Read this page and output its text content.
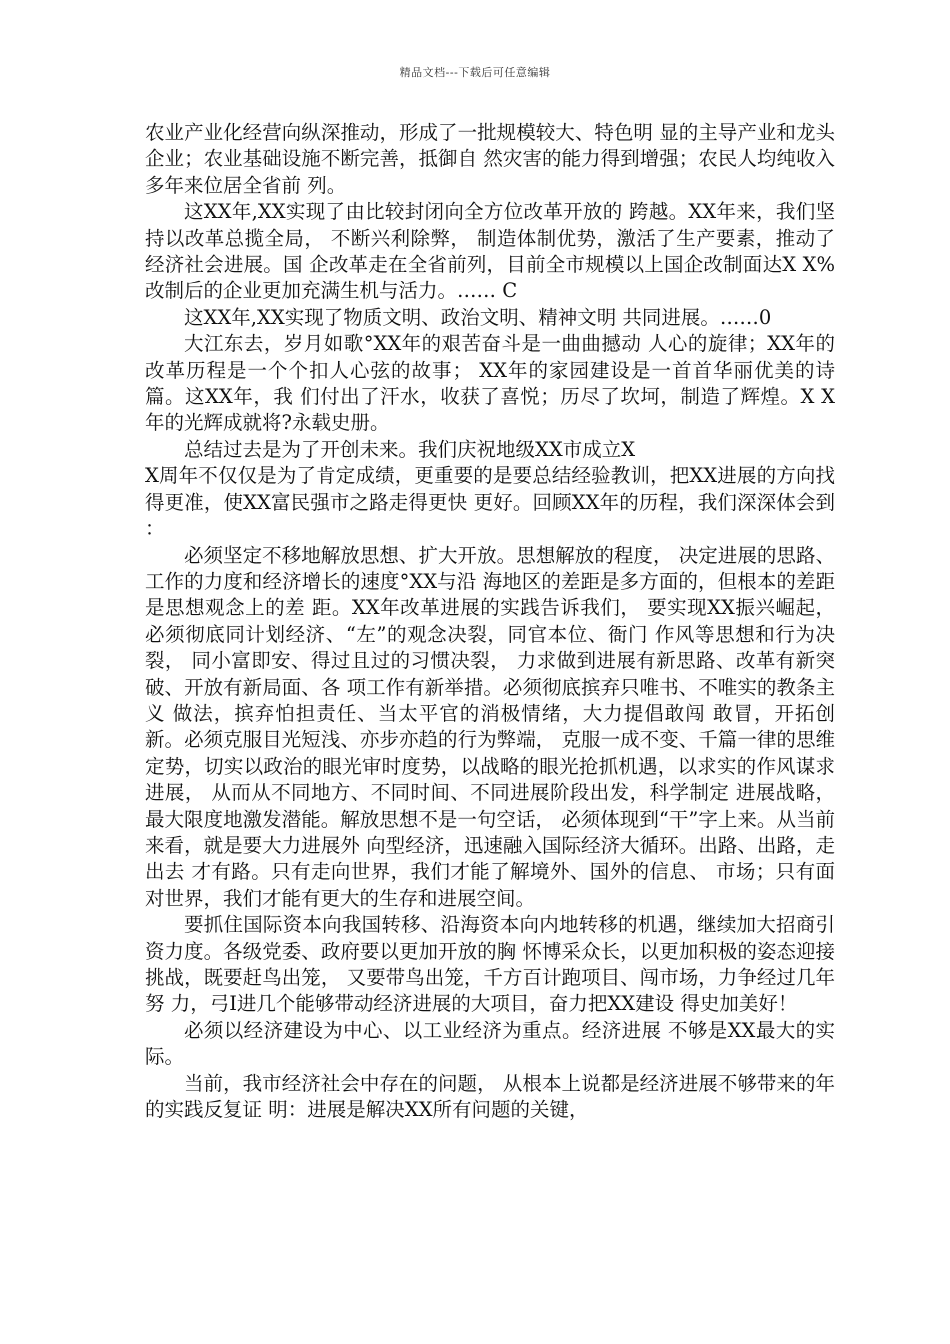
精品文档---下载后可任意编辑

农业产业化经营向纵深推动，形成了一批规模较大、特色明 显的主导产业和龙头企业；农业基础设施不断完善，抵御自 然灾害的能力得到增强；农民人均纯收入多年来位居全省前 列。

这XX年,XX实现了由比较封闭向全方位改革开放的 跨越。XX年来，我们坚持以改革总揽全局， 不断兴利除弊， 制造体制优势，激活了生产要素，推动了经济社会进展。国 企改革走在全省前列，目前全市规模以上国企改制面达X X%改制后的企业更加充满生机与活力。…… C

这XX年,XX实现了物质文明、政治文明、精神文明 共同进展。……0

大江东去，岁月如歌°XX年的艰苦奋斗是一曲曲撼动 人心的旋律；XX年的改革历程是一个个扣人心弦的故事； XX年的家园建设是一首首华丽优美的诗篇。这XX年，我 们付出了汗水，收获了喜悦；历尽了坎坷，制造了辉煌。X X年的光辉成就将?永载史册。

总结过去是为了开创未来。我们庆祝地级XX市成立X

X周年不仅仅是为了肯定成绩，更重要的是要总结经验教训，把XX进展的方向找得更准，使XX富民强市之路走得更快 更好。回顾XX年的历程，我们深深体会到 ：

必须坚定不移地解放思想、扩大开放。思想解放的程度， 决定进展的思路、工作的力度和经济增长的速度°XX与沿 海地区的差距是多方面的，但根本的差距是思想观念上的差 距。XX年改革进展的实践告诉我们， 要实现XX振兴崛起， 必须彻底同计划经济、“左”的观念决裂，同官本位、衙门 作风等思想和行为决裂， 同小富即安、得过且过的习惯决裂， 力求做到进展有新思路、改革有新突破、开放有新局面、各 项工作有新举措。必须彻底摈弃只唯书、不唯实的教条主义 做法，摈弃怕担责任、当太平官的消极情绪，大力提倡敢闯 敢冒，开拓创新。必须克服目光短浅、亦步亦趋的行为弊端， 克服一成不变、千篇一律的思维定势，切实以政治的眼光审时度势，以战略的眼光抢抓机遇，以求实的作风谋求进展， 从而从不同地方、不同时间、不同进展阶段出发，科学制定 进展战略，最大限度地激发潜能。解放思想不是一句空话， 必须体现到“干”字上来。从当前来看，就是要大力进展外 向型经济，迅速融入国际经济大循环。出路、出路，走出去 才有路。只有走向世界，我们才能了解境外、国外的信息、 市场；只有面对世界，我们才能有更大的生存和进展空间。

要抓住国际资本向我国转移、沿海资本向内地转移的机遇，继续加大招商引资力度。各级党委、政府要以更加开放的胸 怀博采众长，以更加积极的姿态迎接挑战，既要赶鸟出笼， 又要带鸟出笼，千方百计跑项目、闯市场，力争经过几年努 力，弓I进几个能够带动经济进展的大项目，奋力把XX建设 得史加美好！

必须以经济建设为中心、以工业经济为重点。经济进展 不够是XX最大的实际。

当前，我市经济社会中存在的问题， 从根本上说都是经济进展不够带来的年的实践反复证 明：进展是解决XX所有问题的关键，
